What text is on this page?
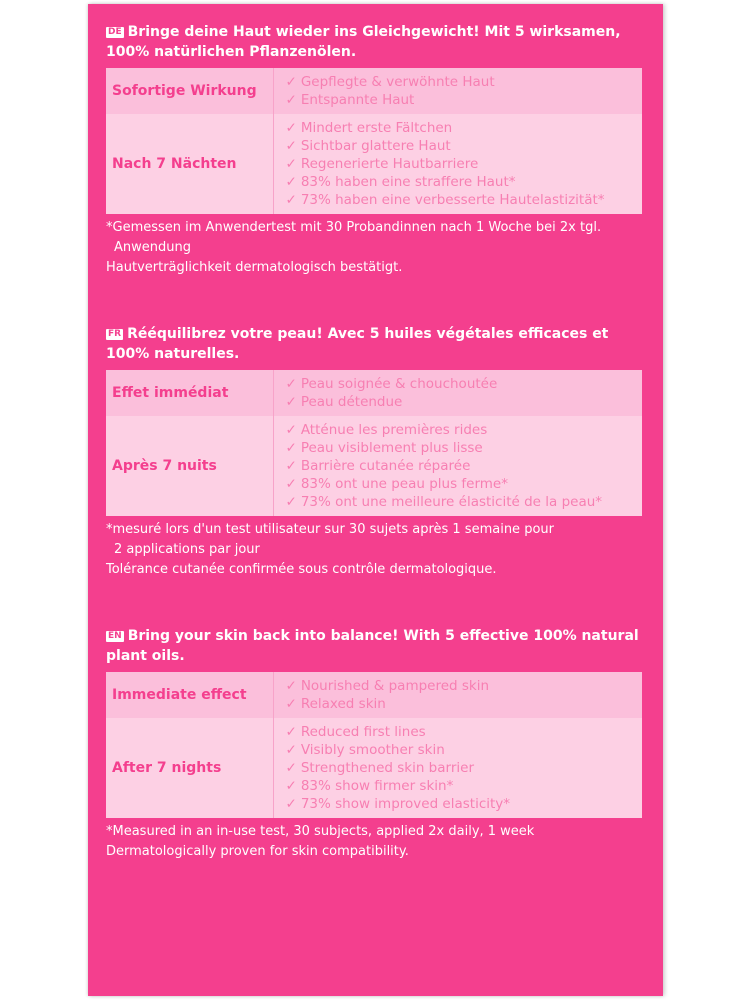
DE Bringe deine Haut wieder ins Gleichgewicht! Mit 5 wirksamen, 100% natürlichen Pflanzenölen.

Sofortige Wirkung	✓ Gepflegte & verwöhnte Haut
✓ Entspannte Haut

Nach 7 Nächten	✓ Mindert erste Fältchen
✓ Sichtbar glattere Haut
✓ Regenerierte Hautbarriere
✓ 83% haben eine straffere Haut*
✓ 73% haben eine verbesserte Hautelastizität*
*Gemessen im Anwendertest mit 30 Probandinnen nach 1 Woche bei 2x tgl.
Anwendung
Hautverträglichkeit dermatologisch bestätigt.

FR Rééquilibrez votre peau! Avec 5 huiles végétales efficaces et 100% naturelles.

Effet immédiat	✓ Peau soignée & chouchoutée
✓ Peau détendue

Après 7 nuits	✓ Atténue les premières rides
✓ Peau visiblement plus lisse
✓ Barrière cutanée réparée
✓ 83% ont une peau plus ferme*
✓ 73% ont une meilleure élasticité de la peau*
*mesuré lors d'un test utilisateur sur 30 sujets après 1 semaine pour
2 applications par jour
Tolérance cutanée confirmée sous contrôle dermatologique.

EN Bring your skin back into balance! With 5 effective 100% natural plant oils.

Immediate effect	✓ Nourished & pampered skin
✓ Relaxed skin

After 7 nights	✓ Reduced first lines
✓ Visibly smoother skin
✓ Strengthened skin barrier
✓ 83% show firmer skin*
✓ 73% show improved elasticity*
*Measured in an in-use test, 30 subjects, applied 2x daily, 1 week
Dermatologically proven for skin compatibility.
